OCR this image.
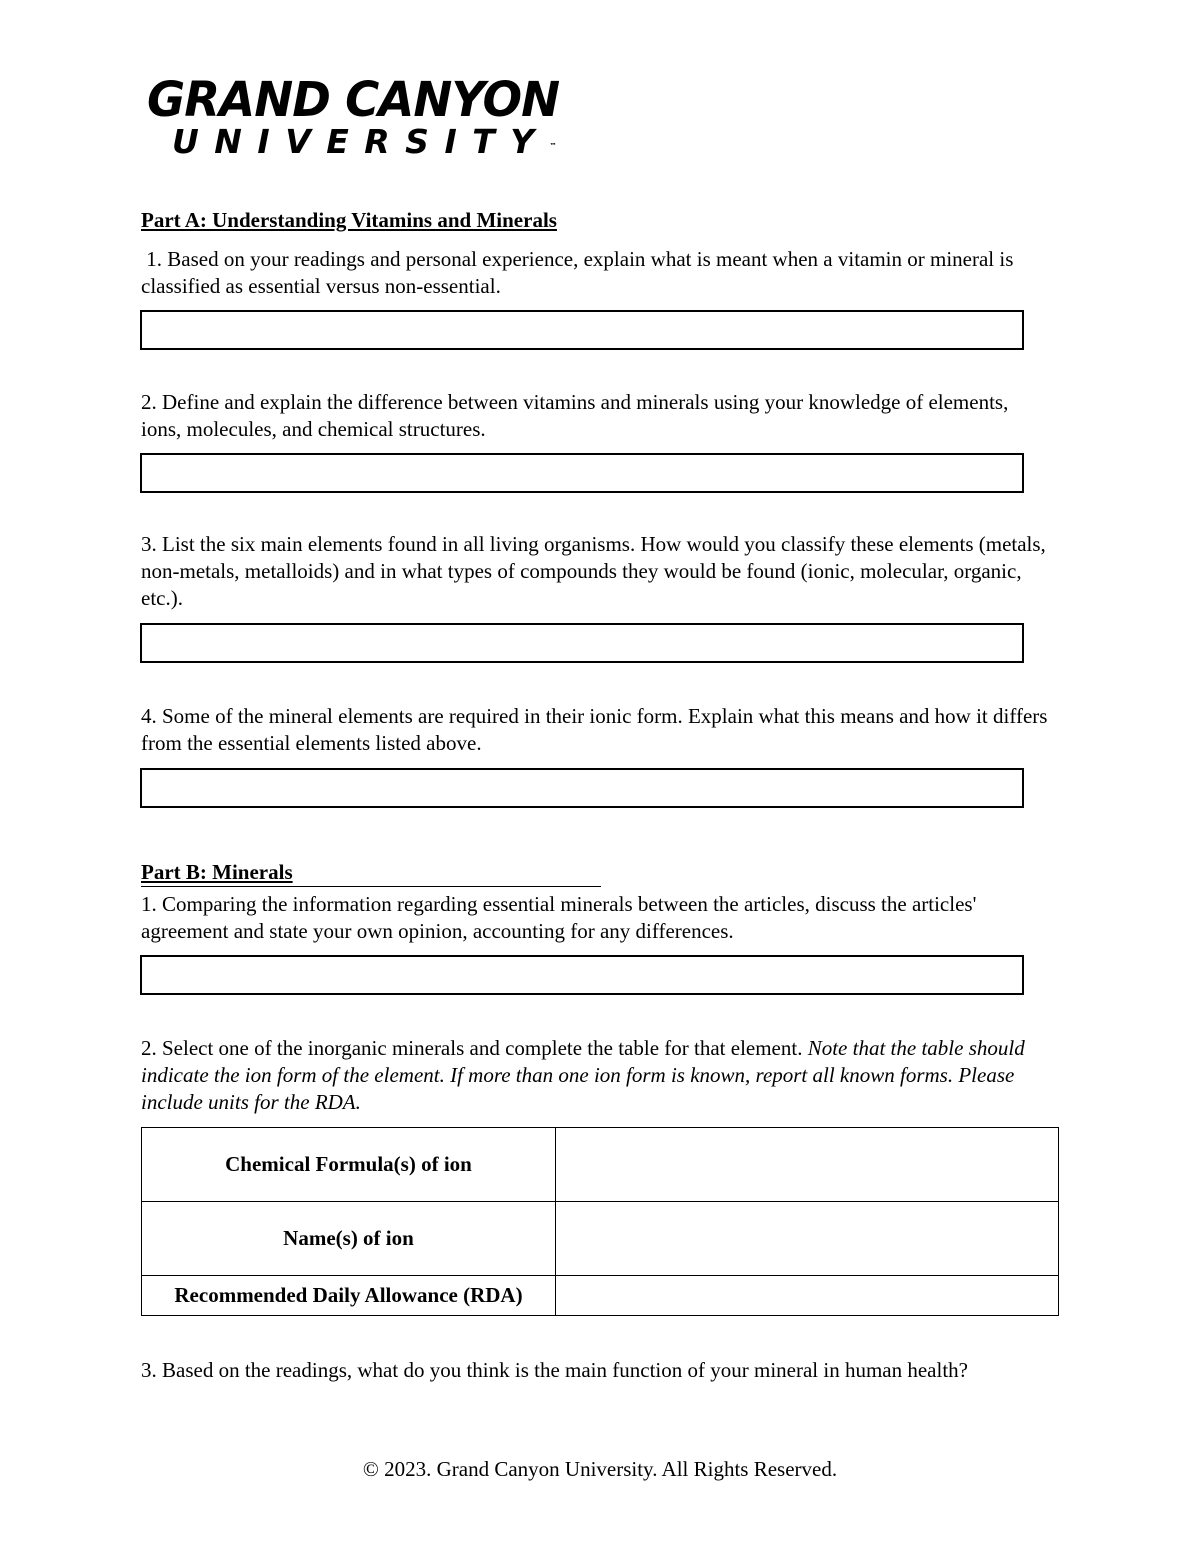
GRAND CANYON
UNIVERSITY™
Part A: Understanding Vitamins and Minerals
1. Based on your readings and personal experience, explain what is meant when a vitamin or mineral is classified as essential versus non-essential.
2. Define and explain the difference between vitamins and minerals using your knowledge of elements, ions, molecules, and chemical structures.
3. List the six main elements found in all living organisms. How would you classify these elements (metals, non-metals, metalloids) and in what types of compounds they would be found (ionic, molecular, organic, etc.).
4. Some of the mineral elements are required in their ionic form. Explain what this means and how it differs from the essential elements listed above.
Part B: Minerals
1. Comparing the information regarding essential minerals between the articles, discuss the articles' agreement and state your own opinion, accounting for any differences.
2. Select one of the inorganic minerals and complete the table for that element. Note that the table should indicate the ion form of the element. If more than one ion form is known, report all known forms. Please include units for the RDA.
Chemical Formula(s) of ion	
Name(s) of ion	
Recommended Daily Allowance (RDA)	
3. Based on the readings, what do you think is the main function of your mineral in human health?
© 2023. Grand Canyon University. All Rights Reserved.
